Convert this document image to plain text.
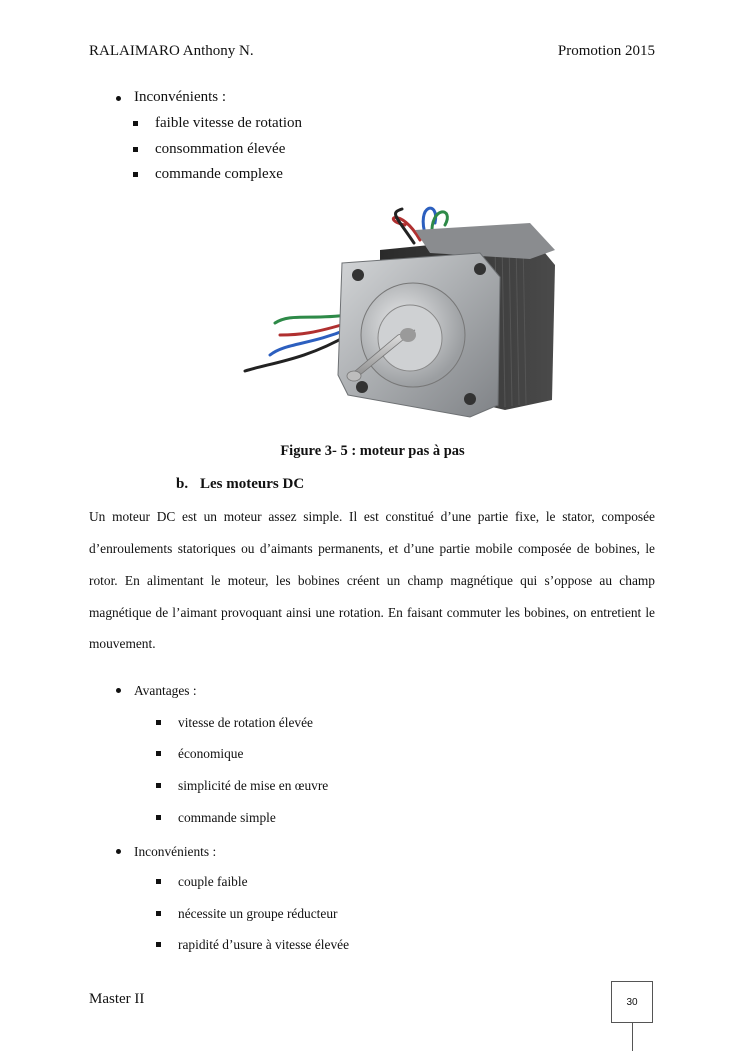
RALAIMARO Anthony N.	Promotion 2015
Inconvénients :
faible vitesse de rotation
consommation élevée
commande complexe
Figure 3- 5 : moteur pas à pas
b. Les moteurs DC
Un moteur DC est un moteur assez simple. Il est constitué d’une partie fixe, le stator, composée
d’enroulements statoriques ou d’aimants permanents, et d’une partie mobile composée de bobines, le
rotor. En alimentant le moteur, les bobines créent un champ magnétique qui s’oppose au champ
magnétique de l’aimant provoquant ainsi une rotation. En faisant commuter les bobines, on entretient le
mouvement.
Avantages :
vitesse de rotation élevée
économique
simplicité de mise en œuvre
commande simple
Inconvénients :
couple faible
nécessite un groupe réducteur
rapidité d’usure à vitesse élevée
Master II	30
